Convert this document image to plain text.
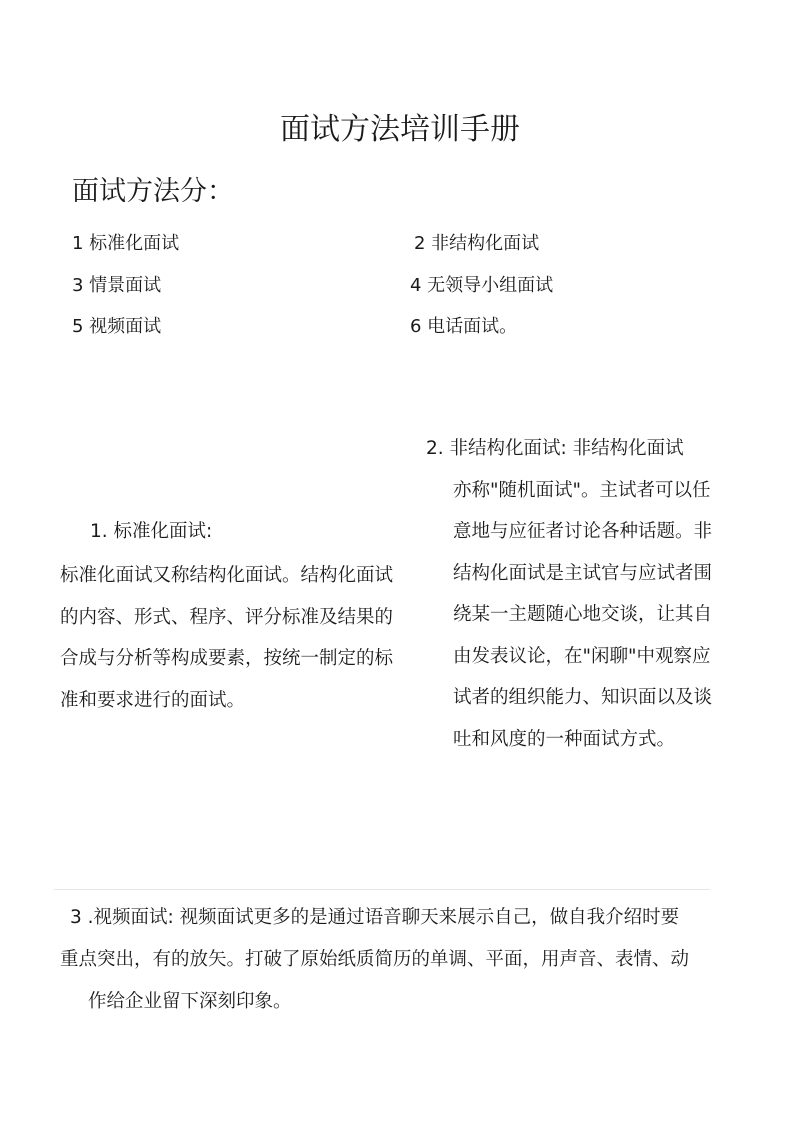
面试方法培训手册
面试方法分：
1 标准化面试	2 非结构化面试
3 情景面试	4 无领导小组面试
5 视频面试	6 电话面试。
1. 标准化面试:
标准化面试又称结构化面试。结构化面试的内容、形式、程序、评分标准及结果的合成与分析等构成要素，按统一制定的标准和要求进行的面试。
2. 非结构化面试: 非结构化面试
亦称"随机面试"。主试者可以任意地与应征者讨论各种话题。非结构化面试是主试官与应试者围绕某一主题随心地交谈，让其自由发表议论，在"闲聊"中观察应试者的组织能力、知识面以及谈吐和风度的一种面试方式。
3 .视频面试: 视频面试更多的是通过语音聊天来展示自己，做自我介绍时要
重点突出，有的放矢。打破了原始纸质简历的单调、平面，用声音、表情、动
作给企业留下深刻印象。
